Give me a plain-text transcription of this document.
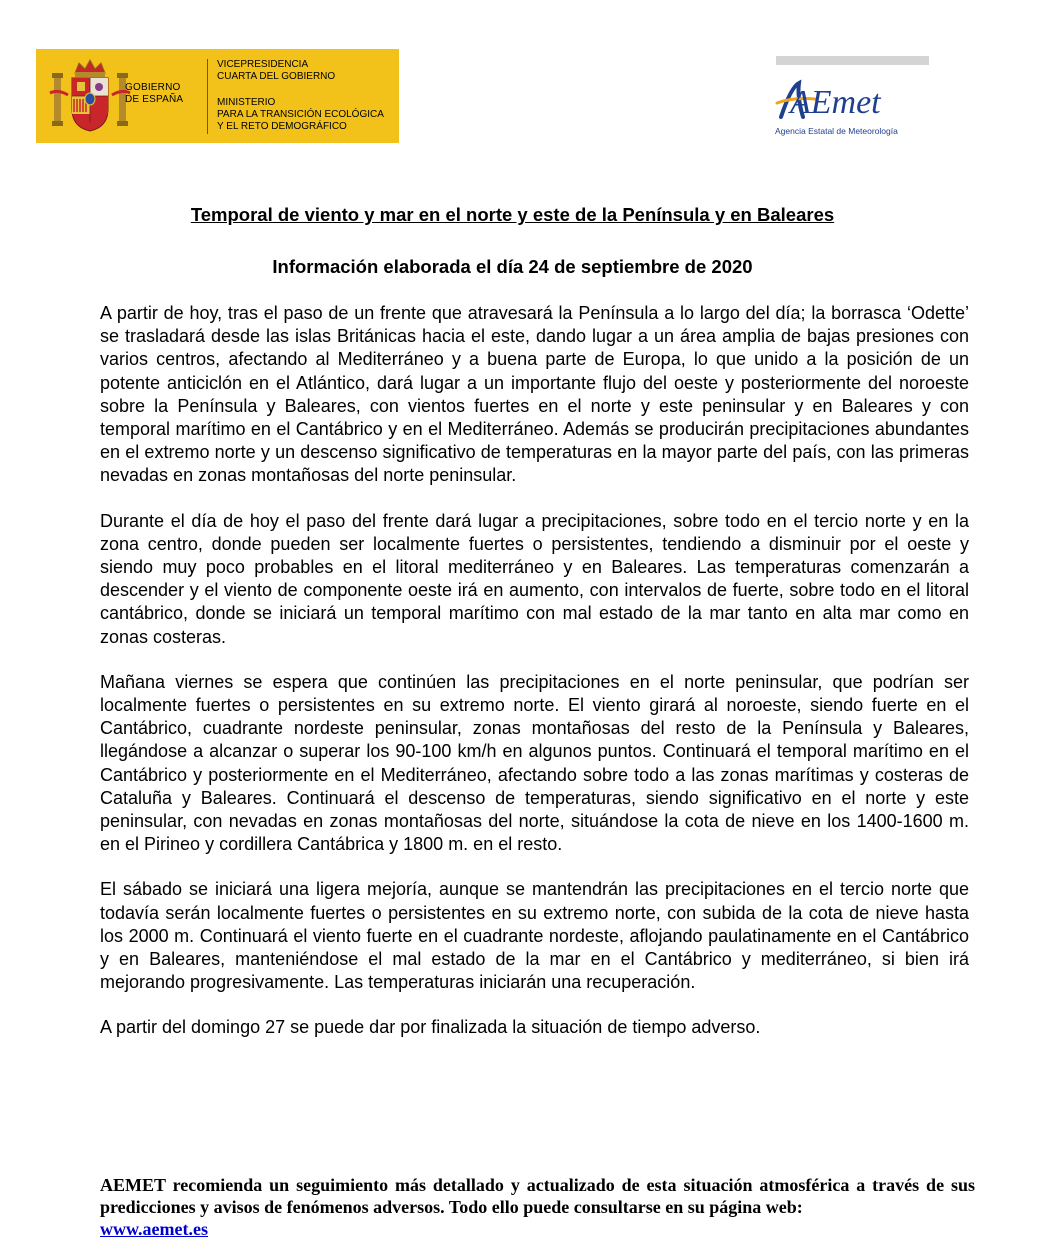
GOBIERNO
DE ESPAÑA
VICEPRESIDENCIA
CUARTA DEL GOBIERNO
MINISTERIO
PARA LA TRANSICIÓN ECOLÓGICA
Y EL RETO DEMOGRÁFICO
AEmet
Agencia Estatal de Meteorología
Temporal de viento y mar en el norte y este de la Península y en Baleares
Información elaborada el día 24 de septiembre de 2020

A partir de hoy, tras el paso de un frente que atravesará la Península a lo largo del día; la borrasca ‘Odette’ se trasladará desde las islas Británicas hacia el este, dando lugar a un área amplia de bajas presiones con varios centros, afectando al Mediterráneo y a buena parte de Europa, lo que unido a la posición de un potente anticiclón en el Atlántico, dará lugar a un importante flujo del oeste y posteriormente del noroeste sobre la Península y Baleares, con vientos fuertes en el norte y este peninsular y en Baleares y con temporal marítimo en el Cantábrico y en el Mediterráneo. Además se producirán precipitaciones abundantes en el extremo norte y un descenso significativo de temperaturas en la mayor parte del país, con las primeras nevadas en zonas montañosas del norte peninsular.

Durante el día de hoy el paso del frente dará lugar a precipitaciones, sobre todo en el tercio norte y en la zona centro, donde pueden ser localmente fuertes o persistentes, tendiendo a disminuir por el oeste y siendo muy poco probables en el litoral mediterráneo y en Baleares. Las temperaturas comenzarán a descender y el viento de componente oeste irá en aumento, con intervalos de fuerte, sobre todo en el litoral cantábrico, donde se iniciará un temporal marítimo con mal estado de la mar tanto en alta mar como en zonas costeras.

Mañana viernes se espera que continúen las precipitaciones en el norte peninsular, que podrían ser localmente fuertes o persistentes en su extremo norte. El viento girará al noroeste, siendo fuerte en el Cantábrico, cuadrante nordeste peninsular, zonas montañosas del resto de la Península y Baleares, llegándose a alcanzar o superar los 90-100 km/h en algunos puntos. Continuará el temporal marítimo en el Cantábrico y posteriormente en el Mediterráneo, afectando sobre todo a las zonas marítimas y costeras de Cataluña y Baleares. Continuará el descenso de temperaturas, siendo significativo en el norte y este peninsular, con nevadas en zonas montañosas del norte, situándose la cota de nieve en los 1400-1600 m. en el Pirineo y cordillera Cantábrica y 1800 m. en el resto.

El sábado se iniciará una ligera mejoría, aunque se mantendrán las precipitaciones en el tercio norte que todavía serán localmente fuertes o persistentes en su extremo norte, con subida de la cota de nieve hasta los 2000 m. Continuará el viento fuerte en el cuadrante nordeste, aflojando paulatinamente en el Cantábrico y en Baleares, manteniéndose el mal estado de la mar en el Cantábrico y mediterráneo, si bien irá mejorando progresivamente. Las temperaturas iniciarán una recuperación.

A partir del domingo 27 se puede dar por finalizada la situación de tiempo adverso.

AEMET recomienda un seguimiento más detallado y actualizado de esta situación atmosférica a través de sus predicciones y avisos de fenómenos adversos. Todo ello puede consultarse en su página web:
www.aemet.es
